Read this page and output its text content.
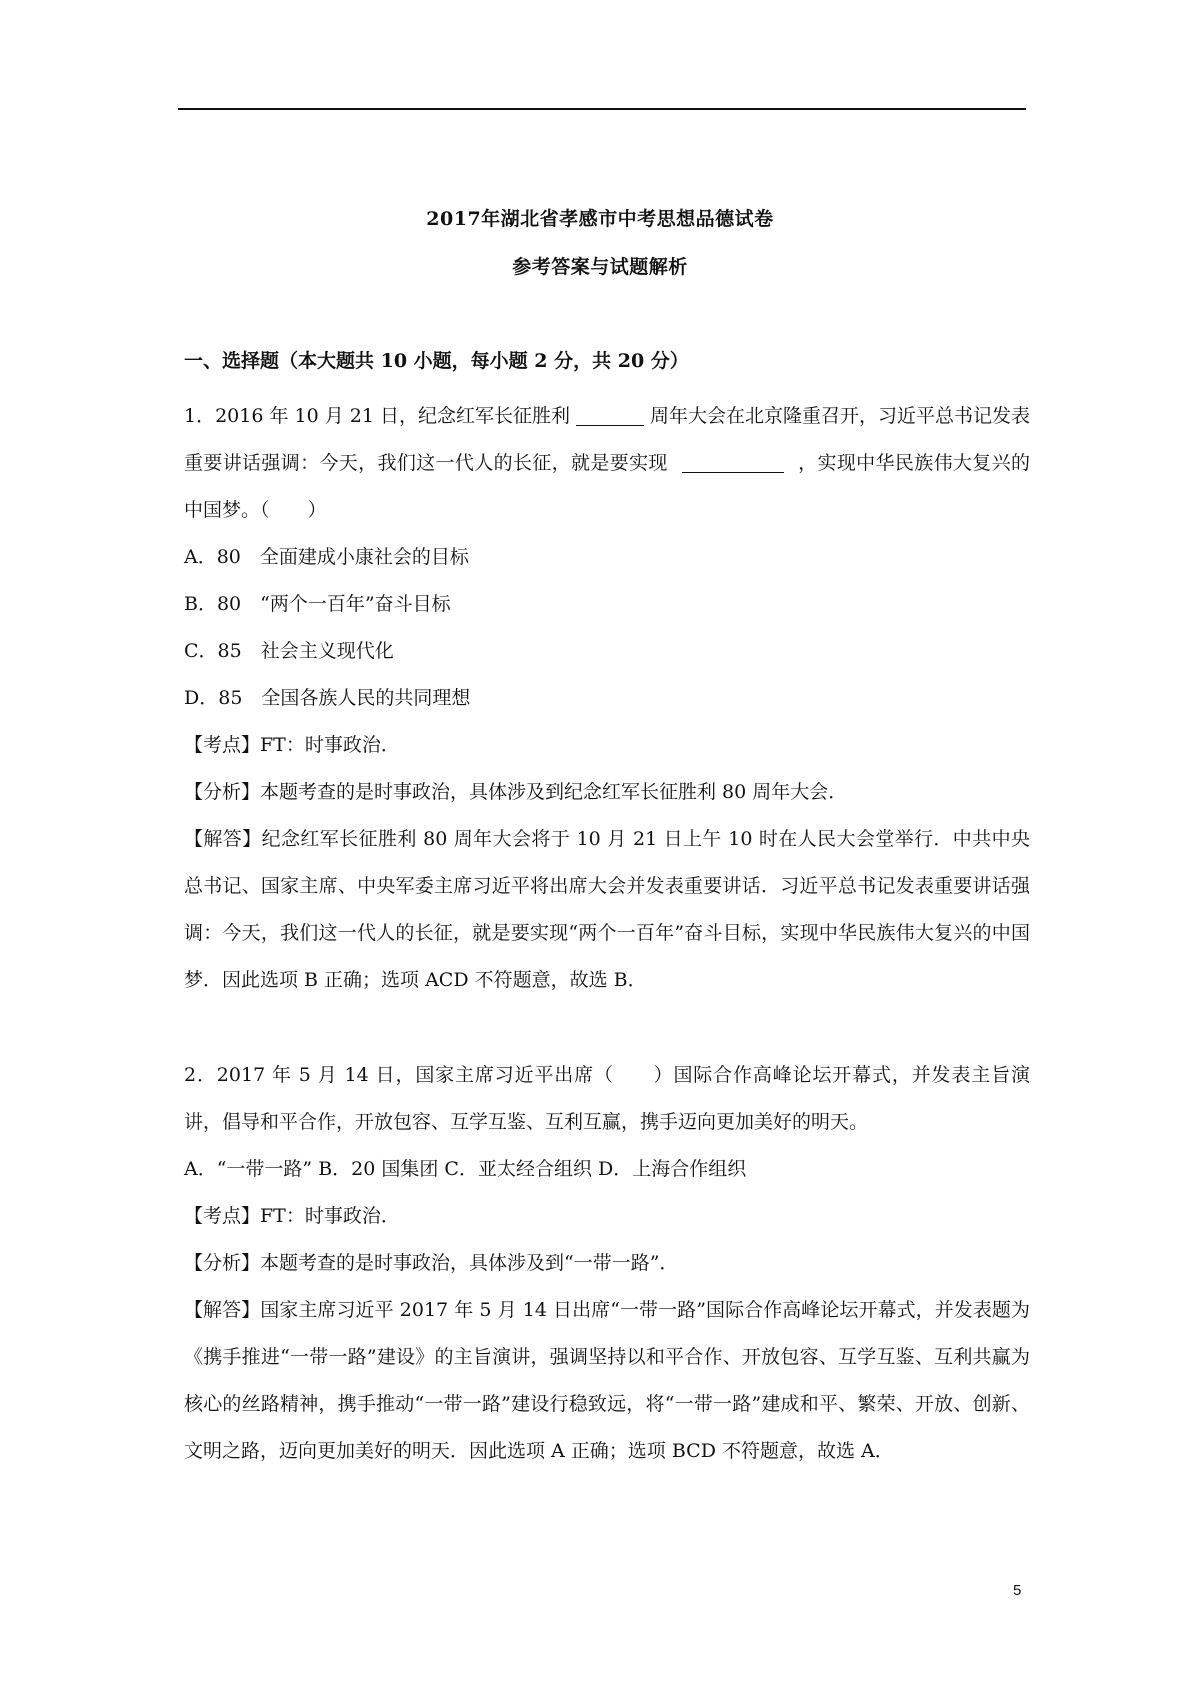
2017年湖北省孝感市中考思想品德试卷
参考答案与试题解析
一、选择题（本大题共 10 小题，每小题 2 分，共 20 分）
1．2016 年 10 月 21 日，纪念红军长征胜利	周年大会在北京隆重召开，习近平总书记发表重要讲话强调：今天，我们这一代人的长征，就是要实现	，实现中华民族伟大复兴的中国梦。（　　）
A．80　全面建成小康社会的目标
B．80　“两个一百年”奋斗目标
C．85　社会主义现代化
D．85　全国各族人民的共同理想
【考点】FT：时事政治．
【分析】本题考查的是时事政治，具体涉及到纪念红军长征胜利 80 周年大会．
【解答】纪念红军长征胜利 80 周年大会将于 10 月 21 日上午 10 时在人民大会堂举行．中共中央总书记、国家主席、中央军委主席习近平将出席大会并发表重要讲话．习近平总书记发表重要讲话强调：今天，我们这一代人的长征，就是要实现“两个一百年”奋斗目标，实现中华民族伟大复兴的中国梦．因此选项 B 正确；选项 ACD 不符题意，故选 B．
2．2017 年 5 月 14 日，国家主席习近平出席（　　）国际合作高峰论坛开幕式，并发表主旨演讲，倡导和平合作，开放包容、互学互鉴、互利互赢，携手迈向更加美好的明天。
A．“一带一路” B．20 国集团 C．亚太经合组织 D．上海合作组织
【考点】FT：时事政治．
【分析】本题考查的是时事政治，具体涉及到“一带一路”．
【解答】国家主席习近平 2017 年 5 月 14 日出席“一带一路”国际合作高峰论坛开幕式，并发表题为《携手推进“一带一路”建设》的主旨演讲，强调坚持以和平合作、开放包容、互学互鉴、互利共赢为核心的丝路精神，携手推动“一带一路”建设行稳致远，将“一带一路”建成和平、繁荣、开放、创新、文明之路，迈向更加美好的明天．因此选项 A 正确；选项 BCD 不符题意，故选 A．
5
